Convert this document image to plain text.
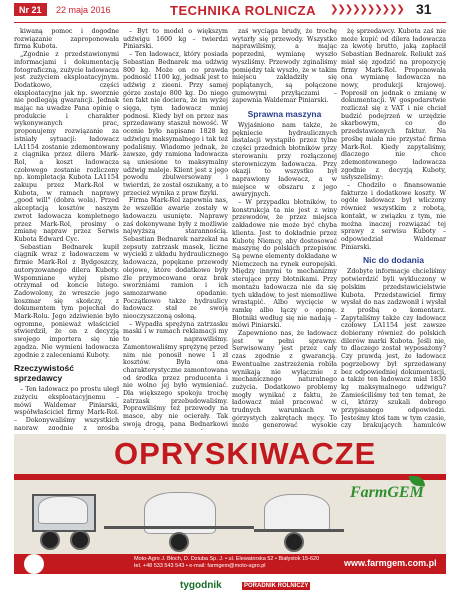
Nr 21	22 maja 2016	TECHNIKA ROLNICZA ❯❯❯❯❯❯❯❯❯❯ 31

kiwaną pomoc i dogodne rozwiązanie zaproponowała firma Kubota.

„Zgodnie z przedstawionymi informacjami i dokumentacją fotograficzną, zużycie ładowacza jest zużyciem eksploatacyjnym. Dodatkowo, części eksploatacyjne jak np. sworznie nie podlegają gwarancji. Jednak mając na uwadze Pana opinię o produkcie i charakter wykonywanych prac, proponujemy rozwiązanie za istniały sytuacji: ładowacz LA1154 zostanie zdemontowany z ciągnika przez dilera Mark-Rol, a koszt ładowacza czołowego zostanie rozliczony np. kompletacja Kubota LA1154 zakupu przez Mark-Rol w Kubota, w ramach naprawy „good will" (dobra wola). Przed akceptacją kosztów naszym zwrot ładowacza kompletnego przez Mark-Rol, prosimy o zmianę napraw przez Serwis Kubota Edward Cyc.

Sebastian Bednarek kupił ciągnik wraz z ładowaczem w firmie Mark-Rol z Bydgoszczy, autoryzowanego dilera Kuboty. Wspomniane wyżej pismo otrzymał od koncie lutego. Zadowolony, że wreszcie jego koszmar się skończy, z dokumentem tym pojechał do Mark-Rolu. Jego zdziwienie było ogromne, ponieważ właściciel stwierdził, że on z decyzją swojego importera się nie zgadza. Nie wymieni ładowacza zgodnie z zaleceniami Kuboty.

Rzeczywistość sprzedawcy

– Ten ładowacz po prostu uległ zużyciu eksploatacyjnemu – mówi Waldemar Piniarski, współwłaściciel firmy Mark-Rol. – Dokonywaliśmy wszystkich napraw zgodnie z prośbą

– Byt to model o większym udźwigu 1600 kg – twierdzi Piniarski.

– Ten ładowacz, który posiada Sebastian Bednarek ma udźwig 800 kg. Może on co prawda podnosić 1100 kg, jednak jest to udźwig z zieeni. Przy samej górze zostaje 800 kg. Do niego ten fakt nie dociera, że im wyżej sięga, tym ładowacz mniej podnosi. Kiedy był on przez nas sprzedawany staszuł nowość. W ocenie było napisane 1828 kg udźwigu maksymalnego i tak też podaliśmy. Wiadomo jednak, że zawsze, gdy ramiona ładowacza są uniesione to maksymalny udźwig maleje. Klient jest z jego powodu zbulwersowany i twierdzi, że został oszukany, a to przecież wynika z praw fizyki.

Firma Mark-Rol zapewnia nas, że wszelkie awarie zostały w ładowaczu usunięte. Naprawy zaś dokonywane były z możliwie najwyższą starannością. Sebastian Bednarek narzekał na zepsuty zatrzask masek, liczne wycieki z układu hydraulicznego ładowacza, popękane przewody olejowe, które dodatkowo były źle przymocowane oraz brak sworzniami ramion i ich samozarwane opadanie. Początkowo także hydraulicy ładowacz stał ze swoją nieoczyszczoną osłoną.

– Wypadła sprężyna zatrzasku maski i w ramach reklamacji my to naprawiliśmy. Zamontowaliśmy sprężynę przed nim nie ponosił nowe 1 zł kosztów. Była ona charakterystyczne zamontowana od środka przez producenta i nie wolno jej było wymieniać. Dla większego spokoju trochę zatrzask przebudowaliśmy. Poprawiliśmy też przewody na masce, aby nie ocierały. Tak swoją drogą, pana Bednarkowi

zaś wyciąga brudy, że trochę wytarły się przewody. Wszystko naprawiliśmy, a mając poprzedni, wymianę wyszło wyszliśmy. Przewody zginaliśmy pomiędzy tak wyszło, że w takim miejscu zakładziły się poplątanych, są połączone gumowymi przyłączami – zapewnia Waldemar Piniarski.

Sprawna maszyna

Wyjaśniono nam także, że pękniecie hydraulicznych instalacji wystąpiło przez tylne części przednich błotników przy sterowaniu przy rozłączonej sterowniczym ładowacza. Przy okazji to wszystko był naprawiony ładowacz, a w miejsce w obszaru z jego awaryjnych.

– W przypadku błotników, to konstrukcja ta nie jest z winy przewodów, że przez miejsca zakładowe nie może być chyba klienta. Jest to dokładnie przez Kubotę Niemcy, aby dostosować maszynę do polskich przepisów. Są pewne elementy dokładane w Niemczech na rynek europejski. Między innymi to mechanizmy sterujące przy błotnikami. Przy montażu ładowacza nie da się tych układów, to jest niemożliwe wrastąpić. Albo wycięcie w ramkę albo łączy o oponę. Błotniki według się nie nadają – mówi Piniarski.

Zapewniono nas, że ładowacz jest w pełni sprawny. Serwisowany jest przez cały czas zgodnie z gwarancją. Ewentualne zastrzeżenia robiła wynikają nie wyłącznie z mechanicznego naturalnego zużycia. Dodatkowo problemy mogły wynikać z faktu, że ładowacz miał pracować w trudnych warunkach w górzystych zakrętach męcy. To może generować wysokie

żę sprzedawcy. Kubota zaś nie może kupić od dilera ładowacza za kwotę brutto, jaką zapłacił Sebastian Bednarek. Reliukt zaś miał się zgodzić na propozycję firmy Mark-Rol. Proponowała ona wymianę ładowacza na nowy, produkcji krajowej. Poprosił on jednak o zmianę w dokumentacji. W gospodarstwie rozliczał się z VAT i nie chciał budzić podejrzeń w urzędzie skarbowym, co do przedstawionych faktur. Na prośbę miała nie przystać firma Mark-Rol. Kiedy zapytaliśmy, dlaczego nie chce zdemontowanego ładowacza zgodnie z decyzją Kuboty, usłyszeliśmy:

– Chodziło o finansowanie fakturze i dodatkowe koszty. W ogóle ładowacz był wliczony również wszystkim z robotą, kontakt, w związku z tym, nie można inaczej rozwiązać tej sprawy z serwisu Kuboty – odpowiedział Waldemar Piniarski.

Nic do dodania

Zdobyte informacje chcieliśmy potwierdzić byli wykluczony w polskim przedstawicielstwie Kubota. Przedstawiciel firmy wysłał do nas zadzwonił i wysłał z prośbą o komentarz. Zapytaliśmy także czy ładowacz czołowy LA1154 jest zawsze dobierany również do polskich dilerów marki Kubota. Jeśli nie, to dlaczego został wyposażony? Czy prawdą jest, że ładowacz pogrzebowy był sprzedawany bez odpowiedniej dokumentacji, a także ten ładowacz miał 1830 kg maksymalnego udźwigu? Zamieściliśmy też ten temat, że ci, którzy szukali dobrego przypisanego odpowiedzi. Jesteśmy ktoś tam w tym czasie, czy brakujących hamulców

OPRYSKIWACZE
FarmGEM
Moto-Agro J. Błoch, D. Dziuba Sp. J. • ul. Elewatorska 52 • Białystok 15-620
tel. +48 533 543 543 • e-mail: farmgem@moto-agro.pl	www.farmgem.com.pl
tygodnik	PORADNIK ROLNICZY
